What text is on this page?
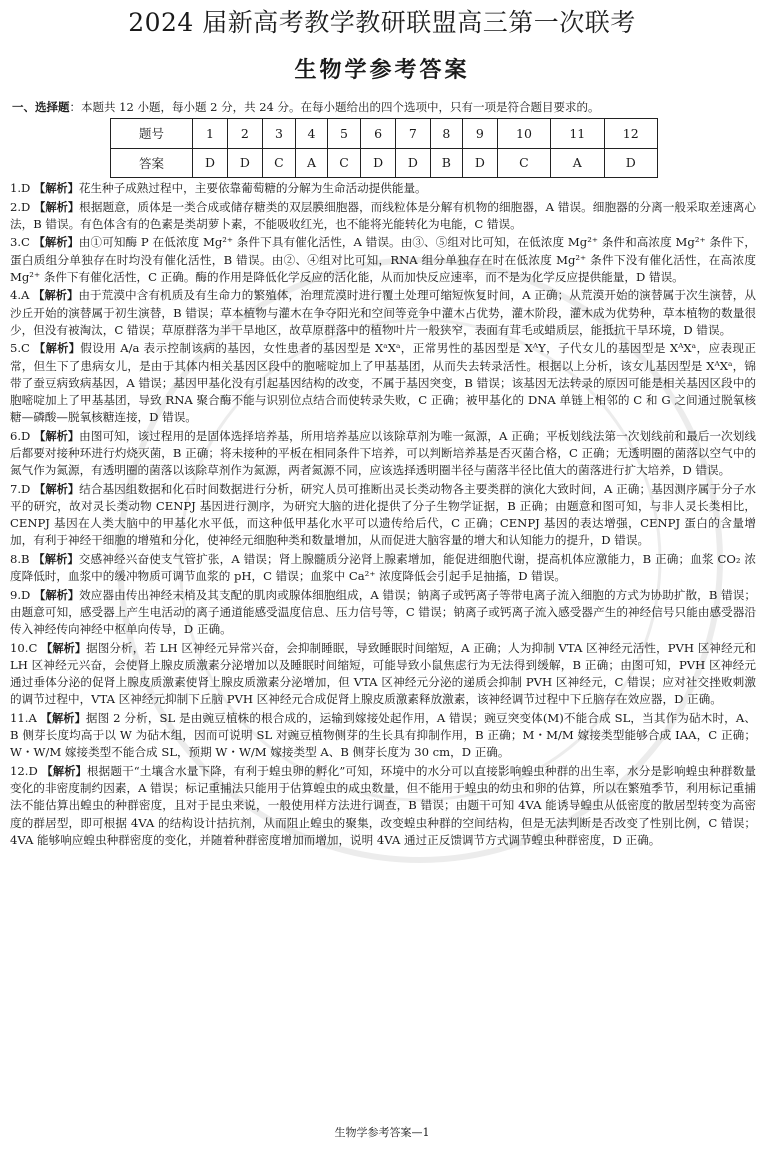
2024 届新高考教学教研联盟高三第一次联考
生物学参考答案
一、选择题：本题共 12 小题，每小题 2 分，共 24 分。在每小题给出的四个选项中，只有一项是符合题目要求的。
题号	1	2	3	4	5	6	7	8	9	10	11	12
答案	D	D	C	A	C	D	D	B	D	C	A	D
1.D 【解析】花生种子成熟过程中，主要依靠葡萄糖的分解为生命活动提供能量。
2.D 【解析】根据题意，质体是一类合成或储存糖类的双层膜细胞器，而线粒体是分解有机物的细胞器，A 错误。细胞器的分离一般采取差速离心法，B 错误。有色体含有的色素是类胡萝卜素，不能吸收红光，也不能将光能转化为电能，C 错误。
3.C 【解析】由①可知酶 P 在低浓度 Mg²⁺ 条件下具有催化活性，A 错误。由③、⑤组对比可知，在低浓度 Mg²⁺ 条件和高浓度 Mg²⁺ 条件下，蛋白质组分单独存在时均没有催化活性，B 错误。由②、④组对比可知，RNA 组分单独存在时在低浓度 Mg²⁺ 条件下没有催化活性，在高浓度 Mg²⁺ 条件下有催化活性，C 正确。酶的作用是降低化学反应的活化能，从而加快反应速率，而不是为化学反应提供能量，D 错误。
4.A 【解析】由于荒漠中含有机质及有生命力的繁殖体，治理荒漠时进行覆土处理可缩短恢复时间，A 正确；从荒漠开始的演替属于次生演替，从沙丘开始的演替属于初生演替，B 错误；草本植物与灌木在争夺阳光和空间等竞争中灌木占优势，灌木阶段，灌木成为优势种，草本植物的数量很少，但没有被淘汰，C 错误；草原群落为半干旱地区，故草原群落中的植物叶片一般狭窄，表面有茸毛或蜡质层，能抵抗干旱环境，D 错误。
5.C 【解析】假设用 A/a 表示控制该病的基因，女性患者的基因型是 XᵃXᵃ，正常男性的基因型是 XᴬY，子代女儿的基因型是 XᴬXᵃ，应表现正常，但生下了患病女儿，是由于其体内相关基因区段中的胞嘧啶加上了甲基基团，从而失去转录活性。根据以上分析，该女儿基因型是 XᴬXᵃ，锦带了蚕豆病致病基因，A 错误；基因甲基化没有引起基因结构的改变，不属于基因突变，B 错误；该基因无法转录的原因可能是相关基因区段中的胞嘧啶加上了甲基基团，导致 RNA 聚合酶不能与识别位点结合而使转录失败，C 正确；被甲基化的 DNA 单链上相邻的 C 和 G 之间通过脱氧核糖—磷酸—脱氧核糖连接，D 错误。
6.D 【解析】由图可知，该过程用的是固体选择培养基，所用培养基应以该除草剂为唯一氮源，A 正确；平板划线法第一次划线前和最后一次划线后都要对接种环进行灼烧灭菌，B 正确；将未接种的平板在相同条件下培养，可以判断培养基是否灭菌合格，C 正确；无透明圈的菌落以空气中的氮气作为氮源，有透明圈的菌落以该除草剂作为氮源，两者氮源不同，应该选择透明圈半径与菌落半径比值大的菌落进行扩大培养，D 错误。
7.D 【解析】结合基因组数据和化石时间数据进行分析，研究人员可推断出灵长类动物各主要类群的演化大致时间，A 正确；基因测序属于分子水平的研究，故对灵长类动物 CENPJ 基因进行测序，为研究大脑的进化提供了分子生物学证据，B 正确；由题意和图可知，与非人灵长类相比，CENPJ 基因在人类大脑中的甲基化水平低，而这种低甲基化水平可以遗传给后代，C 正确；CENPJ 基因的表达增强，CENPJ 蛋白的含量增加，有利于神经干细胞的增殖和分化，使神经元细胞种类和数量增加，从而促进大脑容量的增大和认知能力的提升，D 错误。
8.B 【解析】交感神经兴奋使支气管扩张，A 错误；肾上腺髓质分泌肾上腺素增加，能促进细胞代谢，提高机体应激能力，B 正确；血浆 CO₂ 浓度降低时，血浆中的缓冲物质可调节血浆的 pH，C 错误；血浆中 Ca²⁺ 浓度降低会引起手足抽搐，D 错误。
9.D 【解析】效应器由传出神经末梢及其支配的肌肉或腺体细胞组成，A 错误；钠离子或钙离子等带电离子流入细胞的方式为协助扩散，B 错误；由题意可知，感受器上产生电活动的离子通道能感受温度信息、压力信号等，C 错误；钠离子或钙离子流入感受器产生的神经信号只能由感受器沿传入神经传向神经中枢单向传导，D 正确。
10.C 【解析】据图分析，若 LH 区神经元异常兴奋，会抑制睡眠，导致睡眠时间缩短，A 正确；人为抑制 VTA 区神经元活性，PVH 区神经元和 LH 区神经元兴奋，会使肾上腺皮质激素分泌增加以及睡眠时间缩短，可能导致小鼠焦虑行为无法得到缓解，B 正确；由图可知，PVH 区神经元通过垂体分泌的促肾上腺皮质激素使肾上腺皮质激素分泌增加，但 VTA 区神经元分泌的递质会抑制 PVH 区神经元，C 错误；应对社交挫败刺激的调节过程中，VTA 区神经元抑制下丘脑 PVH 区神经元合成促肾上腺皮质激素释放激素，该神经调节过程中下丘脑存在效应器，D 正确。
11.A 【解析】据图 2 分析，SL 是由豌豆植株的根合成的，运输到嫁接处起作用，A 错误；豌豆突变体(M)不能合成 SL，当其作为砧木时，A、B 侧芽长度均高于以 W 为砧木组，因而可说明 SL 对豌豆植物侧芽的生长具有抑制作用，B 正确；M・M/M 嫁接类型能够合成 IAA，C 正确；W・W/M 嫁接类型不能合成 SL，预期 W・W/M 嫁接类型 A、B 侧芽长度为 30 cm，D 正确。
12.D 【解析】根据题干“土壤含水量下降，有利于蝗虫卵的孵化”可知，环境中的水分可以直接影响蝗虫种群的出生率，水分是影响蝗虫种群数量变化的非密度制约因素，A 错误；标记重捕法只能用于估算蝗虫的成虫数量，但不能用于蝗虫的幼虫和卵的估算，所以在繁殖季节，利用标记重捕法不能估算出蝗虫的种群密度，且对于昆虫来说，一般使用样方法进行调查，B 错误；由题干可知 4VA 能诱导蝗虫从低密度的散居型转变为高密度的群居型，即可根据 4VA 的结构设计拮抗剂，从而阻止蝗虫的聚集，改变蝗虫种群的空间结构，但是无法判断是否改变了性别比例，C 错误；4VA 能够响应蝗虫种群密度的变化，并随着种群密度增加而增加，说明 4VA 通过正反馈调节方式调节蝗虫种群密度，D 正确。
生物学参考答案—1
